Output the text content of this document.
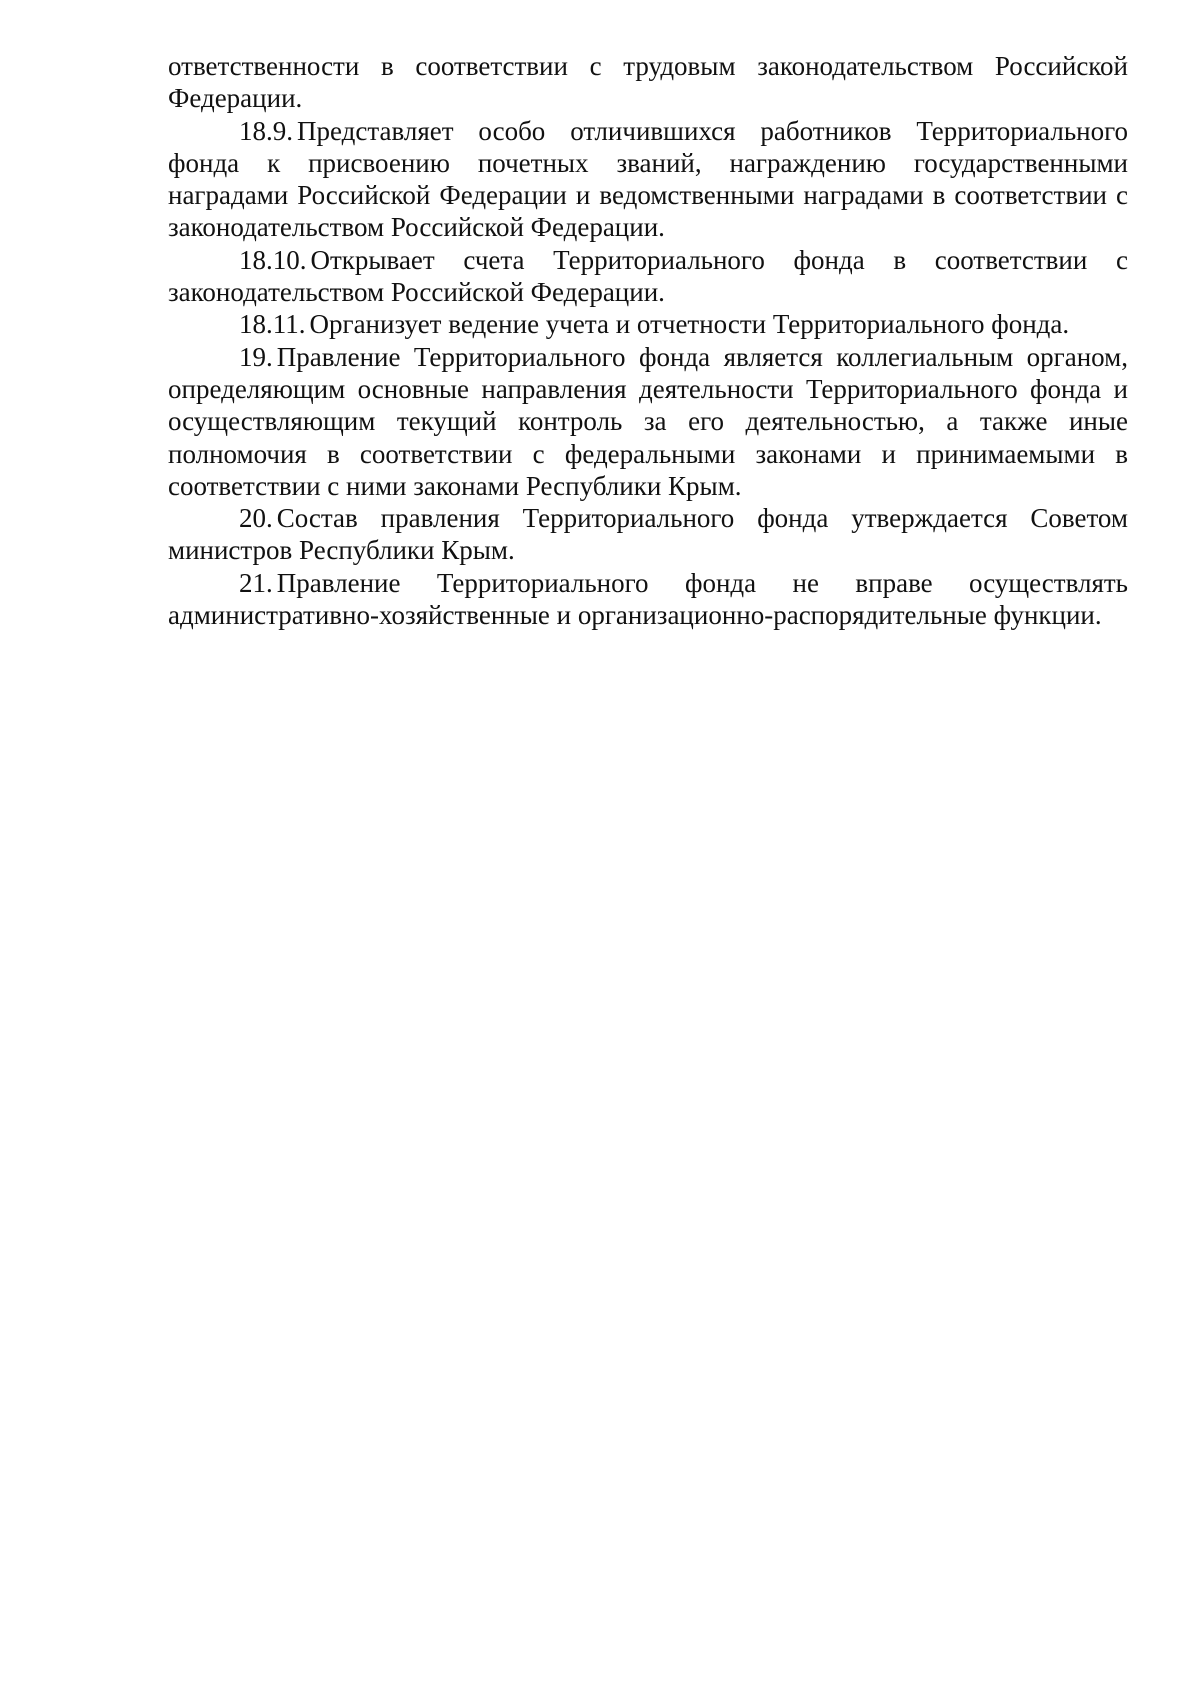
ответственности в соответствии с трудовым законодательством Российской Федерации.

18.9. Представляет особо отличившихся работников Территориального фонда к присвоению почетных званий, награждению государственными наградами Российской Федерации и ведомственными наградами в соответствии с законодательством Российской Федерации.

18.10. Открывает счета Территориального фонда в соответствии с законодательством Российской Федерации.

18.11. Организует ведение учета и отчетности Территориального фонда.

19. Правление Территориального фонда является коллегиальным органом, определяющим основные направления деятельности Территориального фонда и осуществляющим текущий контроль за его деятельностью, а также иные полномочия в соответствии с федеральными законами и принимаемыми в соответствии с ними законами Республики Крым.

20. Состав правления Территориального фонда утверждается Советом министров Республики Крым.

21. Правление Территориального фонда не вправе осуществлять административно-хозяйственные и организационно-распорядительные функции.
